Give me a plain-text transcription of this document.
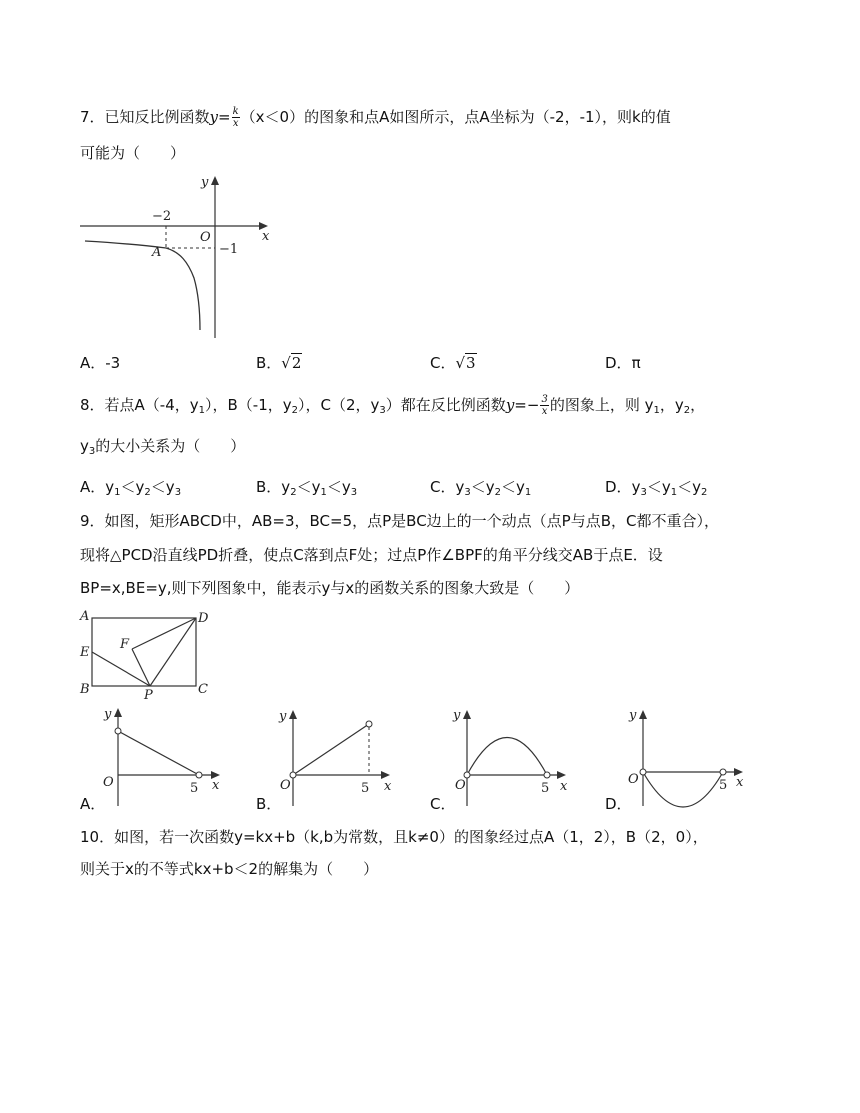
7．已知反比例函数$y= \frac{k}{x} (x<0)$的图象和点A如图所示，点A坐标为（-2，-1），则k的值
可能为（　　）
x
y
O
−2
−1
A
A．-3	B．√2	C．√3	D．π
8．若点A（-4，$y_1$），B（-1，$y_2$），C（2，$y_3$）都在反比例函数$y=- \frac{3}{x}$ 的图象上，则 $y_1$，$y_2$，
$y_3$的大小关系为（　　）
A．$y_1<y_2<y_3$	B．$y_2<y_1<y_3$	C．$y_3<y_2<y_1$	D．$y_3<y_1<y_2$
9．如图，矩形ABCD中，AB=3，BC=5，点P是BC边上的一个动点（点P与点B，C都不重合），
现将△PCD沿直线PD折叠，使点C落到点F处；过点P作∠BPF的角平分线交AB于点E．设
BP=x,BE=y,则下列图象中，能表示y与x的函数关系的图象大致是（　　）
A	D
E
F
B	C
P
y
x
O	5
A．
y
x
O	5
B．
y
x
O	5
C．
y
x
O	5
D．
10．如图，若一次函数y=kx+b（k,b为常数，且k≠0）的图象经过点A（1，2），B（2，0），
则关于x的不等式kx+b＜2的解集为（　　）
